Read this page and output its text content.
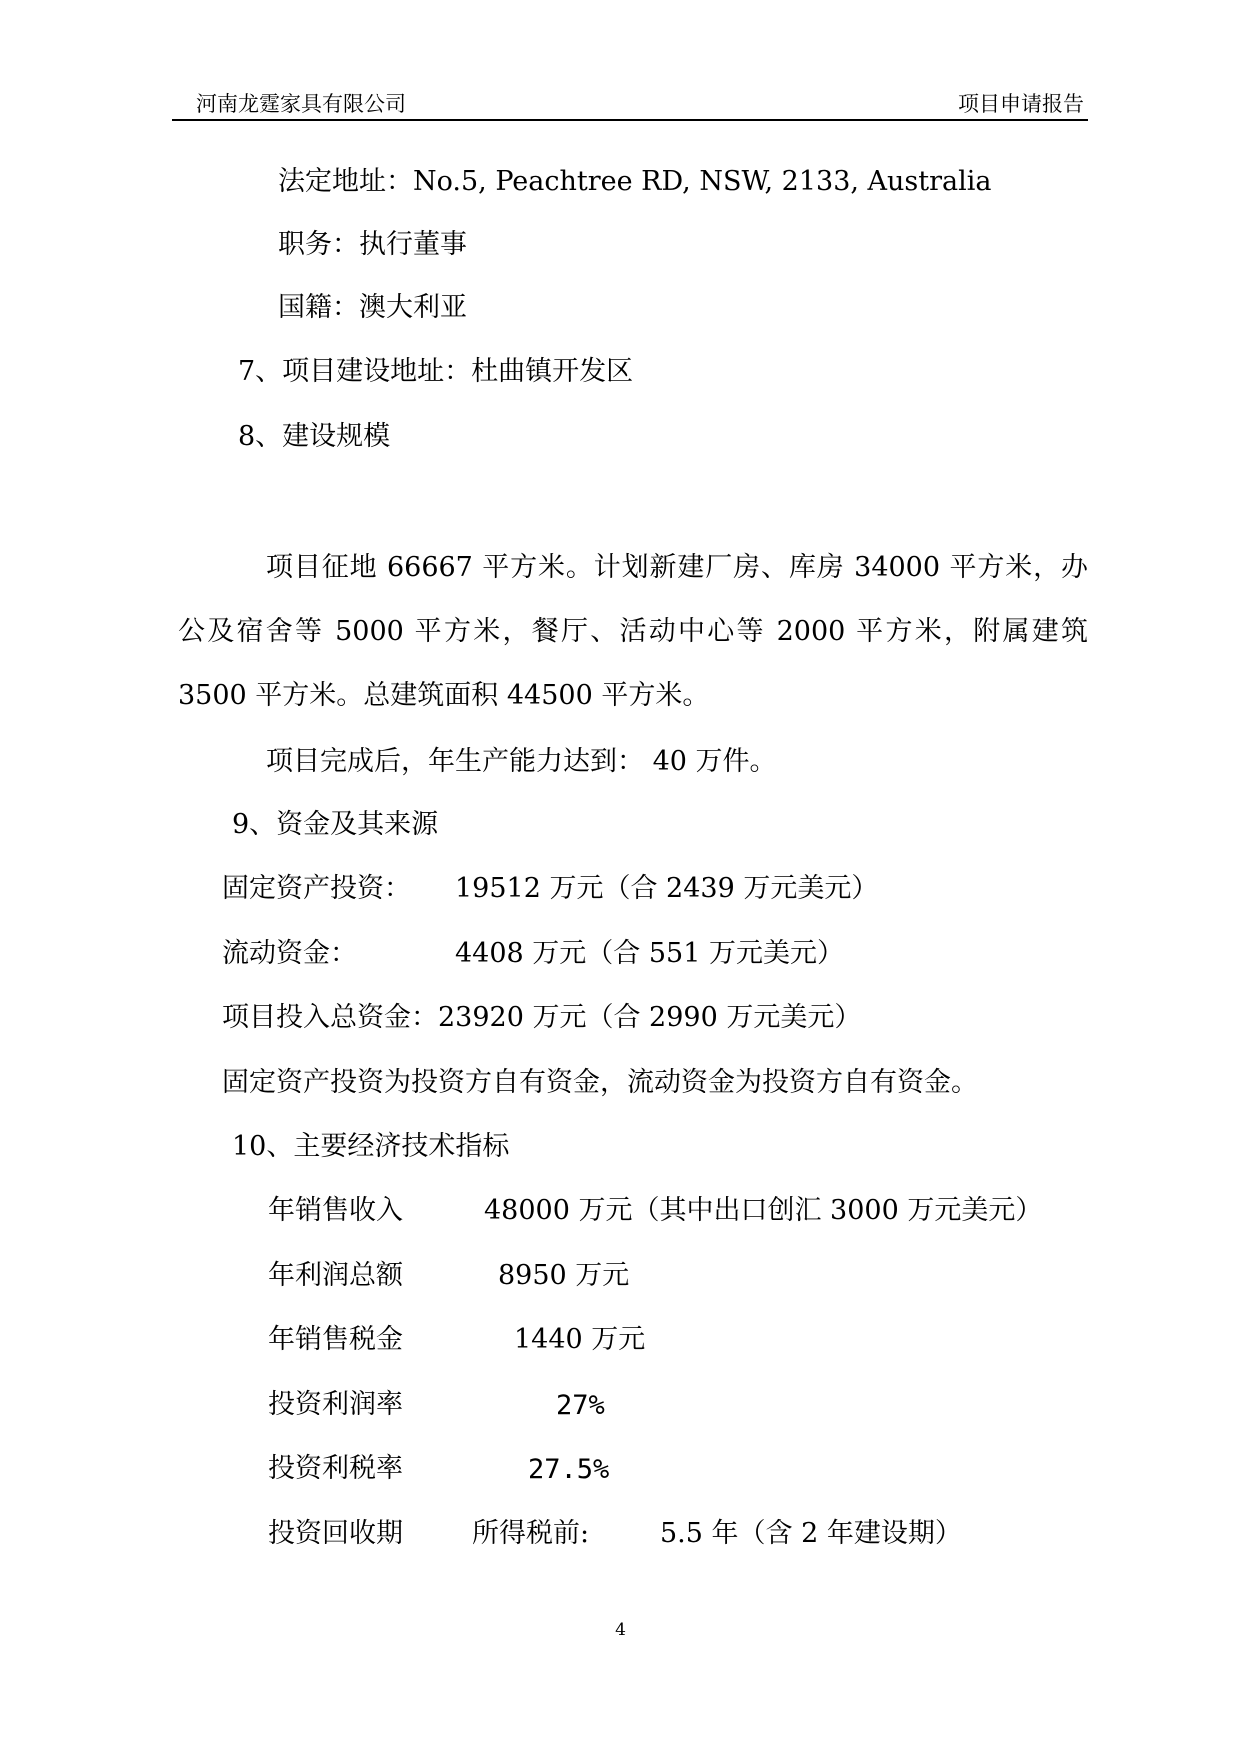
河南龙霆家具有限公司	项目申请报告
法定地址：No.5, Peachtree RD, NSW, 2133, Australia
职务：执行董事
国籍：澳大利亚
7、项目建设地址：杜曲镇开发区
8、建设规模
项目征地 66667 平方米。计划新建厂房、库房 34000 平方米，办公及宿舍等 5000 平方米，餐厅、活动中心等 2000 平方米，附属建筑 3500 平方米。总建筑面积 44500 平方米。
项目完成后，年生产能力达到： 40 万件。
9、资金及其来源
固定资产投资： 19512 万元（合 2439 万元美元）
流动资金：	4408 万元（合 551 万元美元）
项目投入总资金： 23920 万元（合 2990 万元美元）
固定资产投资为投资方自有资金，流动资金为投资方自有资金。
10、主要经济技术指标
年销售收入	48000 万元（其中出口创汇 3000 万元美元）
年利润总额	8950 万元
年销售税金	1440 万元
投资利润率	27%
投资利税率	27.5%
投资回收期	所得税前:	5.5 年（含 2 年建设期）
4
